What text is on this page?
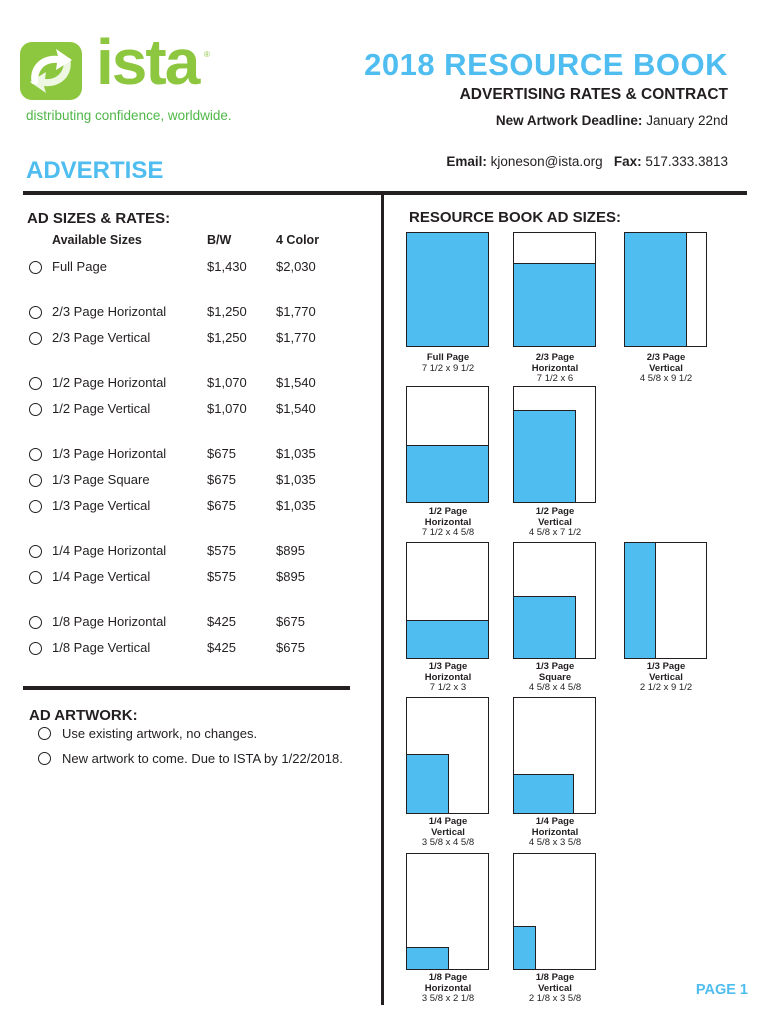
ista ®
distributing confidence, worldwide.
2018 RESOURCE BOOK
ADVERTISING RATES & CONTRACT
New Artwork Deadline: January 22nd
Email: kjoneson@ista.org Fax: 517.333.3813
ADVERTISE
AD SIZES & RATES:
Available Sizes	B/W	4 Color
Full Page	$1,430 $2,030
2/3 Page Horizontal	$1,250 $1,770
2/3 Page Vertical	$1,250 $1,770
1/2 Page Horizontal	$1,070 $1,540
1/2 Page Vertical	$1,070 $1,540
1/3 Page Horizontal	$675	$1,035
1/3 Page Square	$675	$1,035
1/3 Page Vertical	$675	$1,035
1/4 Page Horizontal	$575	$895
1/4 Page Vertical	$575	$895
1/8 Page Horizontal	$425	$675
1/8 Page Vertical	$425	$675
AD ARTWORK:
Use existing artwork, no changes.
New artwork to come. Due to ISTA by 1/22/2018.
RESOURCE BOOK AD SIZES:
Full Page
7 1/2 x 9 1/2
2/3 Page
Horizontal
7 1/2 x 6
2/3 Page
Vertical
4 5/8 x 9 1/2
1/2 Page
Horizontal
7 1/2 x 4 5/8
1/2 Page
Vertical
4 5/8 x 7 1/2
1/3 Page
Horizontal
7 1/2 x 3
1/3 Page
Square
4 5/8 x 4 5/8
1/3 Page
Vertical
2 1/2 x 9 1/2
1/4 Page
Vertical
3 5/8 x 4 5/8
1/4 Page
Horizontal
4 5/8 x 3 5/8
1/8 Page
Horizontal
3 5/8 x 2 1/8
1/8 Page
Vertical
2 1/8 x 3 5/8
PAGE 1
